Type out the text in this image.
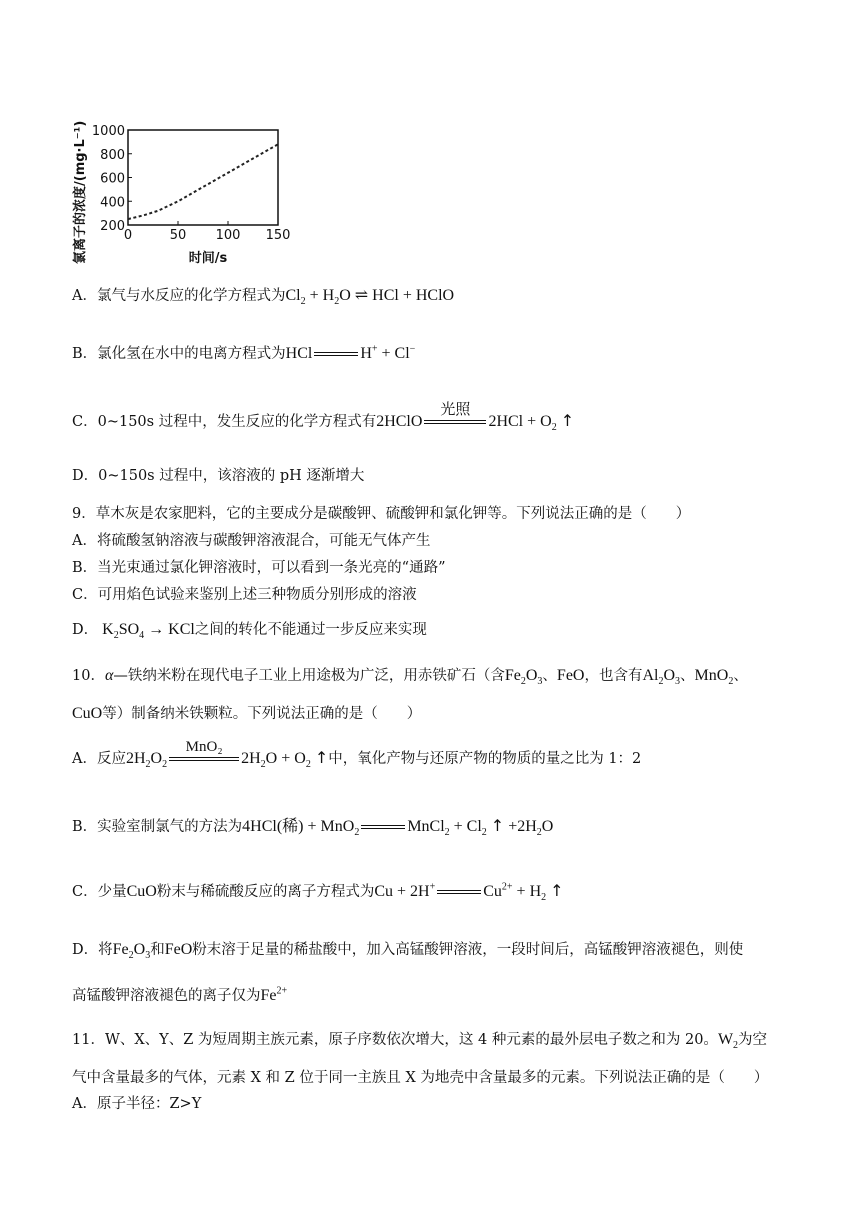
200
400
600
800
1000
0	50 100 150
氯离子的浓度/(mg·L⁻¹)	时间/s
A．氯气与水反应的化学方程式为$Cl_2 + H_2O$ ⇌ HCl + HClO
B．氯化氢在水中的电离方程式为HCl	H+ + Cl−
C．0~150s 过程中，发生反应的化学方程式有2HClO
光照
$2HCl + O_2$ ↑
D．0~150s 过程中，该溶液的 pH 逐渐增大
9．草木灰是农家肥料，它的主要成分是碳酸钾、硫酸钾和氯化钾等。下列说法正确的是（　　）
A．将硫酸氢钠溶液与碳酸钾溶液混合，可能无气体产生
B．当光束通过氯化钾溶液时，可以看到一条光亮的“通路”
C．可用焰色试验来鉴别上述三种物质分别形成的溶液
D． $K_2SO_4$ → KCl之间的转化不能通过一步反应来实现
10．α—铁纳米粉在现代电子工业上用途极为广泛，用赤铁矿石（含$Fe_2O_3$、FeO，也含有$Al_2O_3$、MnO$_2$、
CuO等）制备纳米铁颗粒。下列说法正确的是（　　）
A．反应$2H_2O_2$
MnO₂
$2H_2O + O_2$ ↑中，氧化产物与还原产物的物质的量之比为 1：2
B．实验室制氯气的方法为4HCl(稀) + MnO$_2$	MnCl$_2$ + $Cl_2$ ↑ $+2H_2O$
C．少量CuO粉末与稀硫酸反应的离子方程式为Cu + 2H+	$Cu^{2+} + H_2$ ↑
D．将$Fe_2O_3$和FeO粉末溶于足量的稀盐酸中，加入高锰酸钾溶液，一段时间后，高锰酸钾溶液褪色，则使
高锰酸钾溶液褪色的离子仅为$Fe^{2+}$
11．W、X、Y、Z 为短周期主族元素，原子序数依次增大，这 4 种元素的最外层电子数之和为 20。$W_2$为空
气中含量最多的气体，元素 X 和 Z 位于同一主族且 X 为地壳中含量最多的元素。下列说法正确的是（　　）
A．原子半径：Z>Y
